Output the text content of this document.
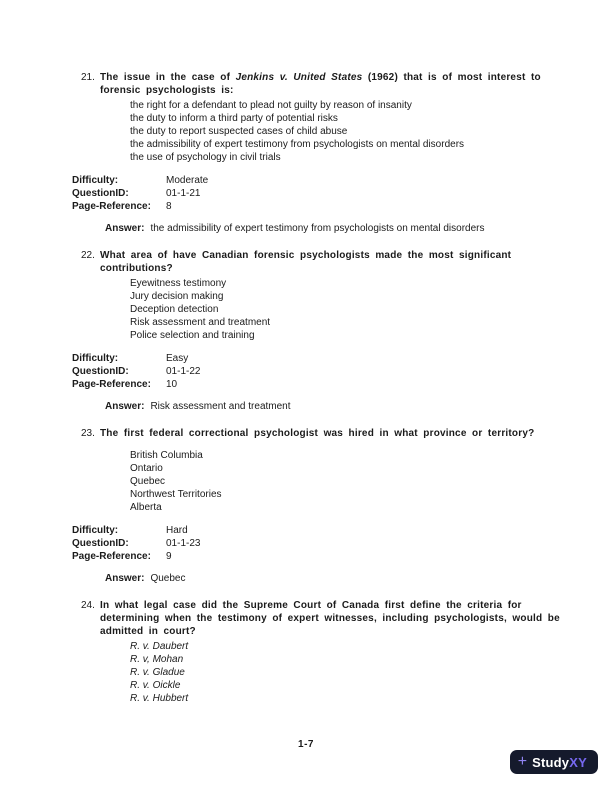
21. The issue in the case of Jenkins v. United States (1962) that is of most interest to
forensic psychologists is:
the right for a defendant to plead not guilty by reason of insanity
the duty to inform a third party of potential risks
the duty to report suspected cases of child abuse
the admissibility of expert testimony from psychologists on mental disorders
the use of psychology in civil trials
Difficulty:	Moderate
QuestionID:	01-1-21
Page-Reference:	8
Answer: the admissibility of expert testimony from psychologists on mental disorders
22. What area of have Canadian forensic psychologists made the most significant
contributions?
Eyewitness testimony
Jury decision making
Deception detection
Risk assessment and treatment
Police selection and training
Difficulty:	Easy
QuestionID:	01-1-22
Page-Reference:	10
Answer: Risk assessment and treatment
23. The first federal correctional psychologist was hired in what province or territory?
British Columbia
Ontario
Quebec
Northwest Territories
Alberta
Difficulty:	Hard
QuestionID:	01-1-23
Page-Reference:	9
Answer: Quebec
24. In what legal case did the Supreme Court of Canada first define the criteria for
determining when the testimony of expert witnesses, including psychologists, would be
admitted in court?
R. v. Daubert
R. v, Mohan
R. v. Gladue
R. v. Oickle
R. v. Hubbert
1-7
+ StudyXY
